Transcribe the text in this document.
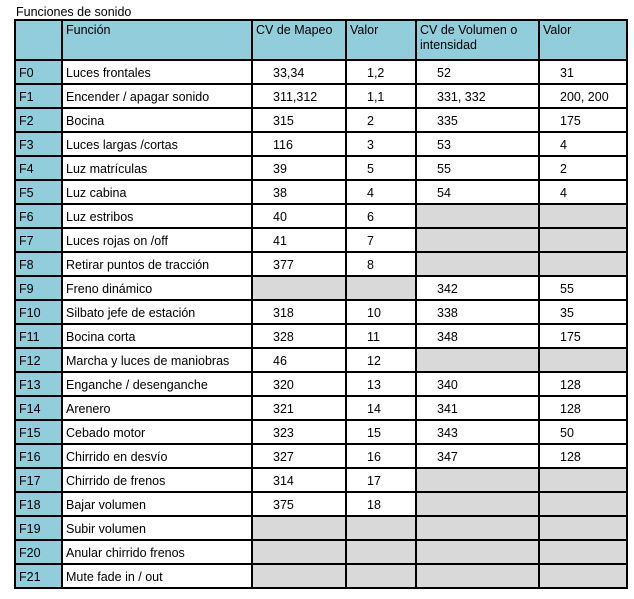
Funciones de sonido
	Función	CV de Mapeo	Valor	CV de Volumen o intensidad	Valor
F0	Luces frontales	33,34	1,2	52	31
F1	Encender / apagar sonido	311,312	1,1	331, 332	200, 200
F2	Bocina	315	2	335	175
F3	Luces largas /cortas	116	3	53	4
F4	Luz matrículas	39	5	55	2
F5	Luz cabina	38	4	54	4
F6	Luz estribos	40	6		
F7	Luces rojas on /off	41	7		
F8	Retirar puntos de tracción	377	8		
F9	Freno dinámico			342	55
F10	Silbato jefe de estación	318	10	338	35
F11	Bocina corta	328	11	348	175
F12	Marcha y luces de maniobras	46	12		
F13	Enganche / desenganche	320	13	340	128
F14	Arenero	321	14	341	128
F15	Cebado motor	323	15	343	50
F16	Chirrido en desvío	327	16	347	128
F17	Chirrido de frenos	314	17		
F18	Bajar volumen	375	18		
F19	Subir volumen				
F20	Anular chirrido frenos				
F21	Mute fade in / out				
